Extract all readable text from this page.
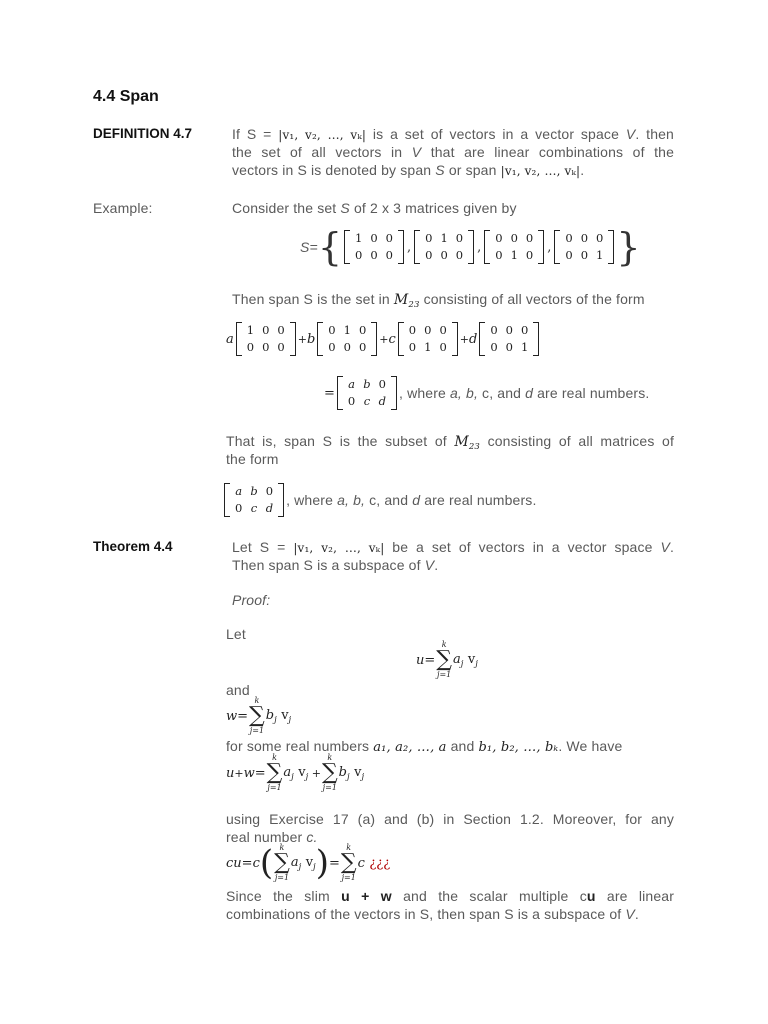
4.4 Span
DEFINITION 4.7	If S = |v₁, v₂, …, vₖ| is a set of vectors in a vector space V. then
the set of all vectors in V that are linear combinations of the
vectors in S is denoted by span S or span |v₁, v₂, …, vₖ|.
Example:	Consider the set S of 2 x 3 matrices given by
S= { 1	0	0
0	0	0
,
0	1	0
0	0	0
,
0	0	0
0	1	0
,
0	0	0
0	0	1 }
Then span S is the set in $M_{23}$ consisting of all vectors of the form
a
1	0	0
0	0	0
+ b
0	1	0
0	0	0
+ c
0	0	0
0	1	0
+ d
0	0	0
0	0	1
=
a	b	0
0	c	d , where a, b, c, and d are real numbers.
That is, span S is the subset of $M_{23}$ consisting of all matrices of
the form
a	b	0
0	c	d , where a, b, c, and d are real numbers.
Theorem 4.4	Let S = |v₁, v₂, …, vₖ| be a set of vectors in a vector space V.
Then span S is a subspace of V.
Proof:
Let
u =
k
∑
j=1
$a_j$
$v_j$
and
w =
k
∑
j=1
$b_j$
$v_j$
for some real numbers a₁, a₂, …, a and b₁, b₂, …, bₖ. We have
u + w =
k
∑
j=1
$a_j$
$v_j$ +
k
∑
j=1
$b_j$
$v_j$
using Exercise 17 (a) and (b) in Section 1.2. Moreover, for any
real number c.
cu = c ( k
∑
j=1
$a_j$
$v_j$ ) =
k
∑
j=1
c
¿¿¿
Since the slim u + w and the scalar multiple cu are linear
combinations of the vectors in S, then span S is a subspace of V.
